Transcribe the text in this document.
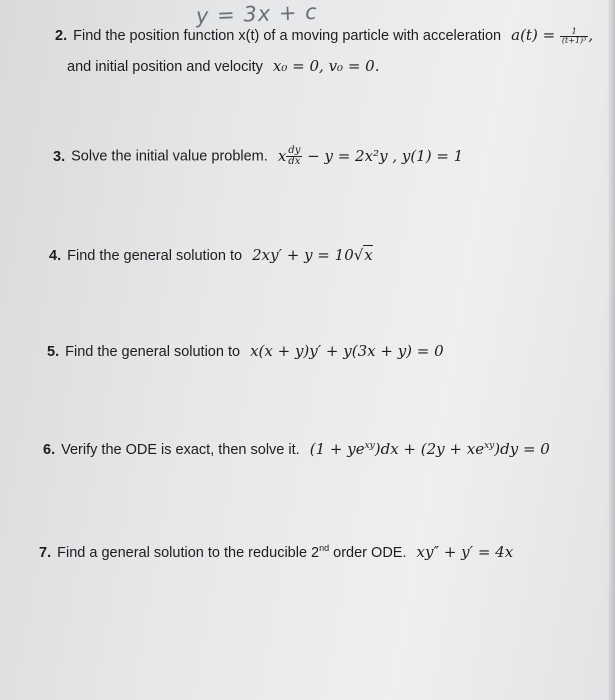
y = 3x + c
2. Find the position function x(t) of a moving particle with acceleration $a(t) = \frac{1}{\text{(t+1)³}}$ ,
and initial position and velocity x₀ = 0, v₀ = 0.
3. Solve the initial value problem. x $\frac{dy}{dx} - y = 2x^2y$ , y(1) = 1
4. Find the general solution to 2xy′ + y = 10√x
5. Find the general solution to x(x + y)y′ + y(3x + y) = 0
6. Verify the ODE is exact, then solve it. $(1 + ye^{xy})dx + (2y + xe^{xy})dy = 0$
7. Find a general solution to the reducible 2nd order ODE. xy″ + y′ = 4x
